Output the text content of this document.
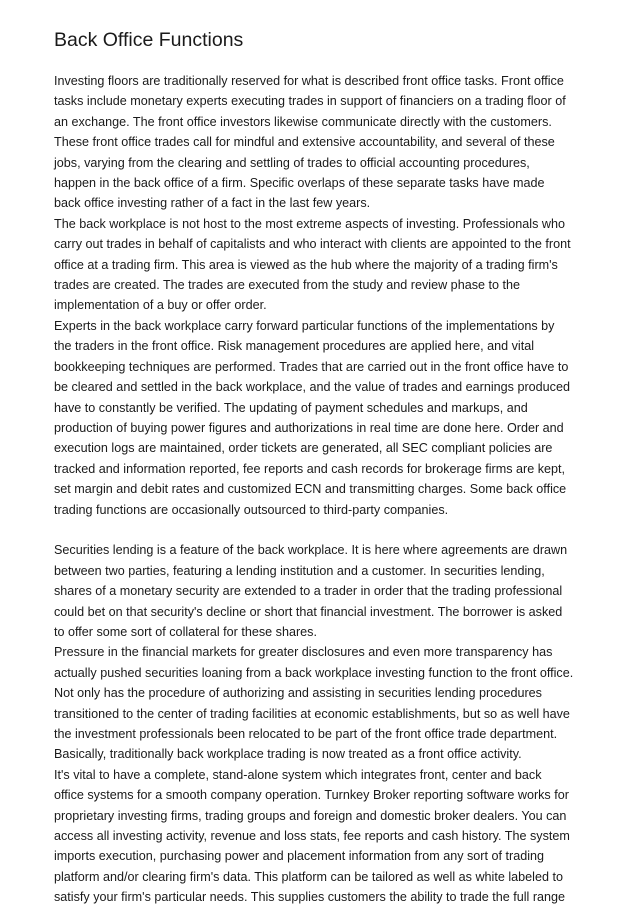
Back Office Functions

Investing floors are traditionally reserved for what is described front office tasks. Front office
tasks include monetary experts executing trades in support of financiers on a trading floor of
an exchange. The front office investors likewise communicate directly with the customers.
These front office trades call for mindful and extensive accountability, and several of these
jobs, varying from the clearing and settling of trades to official accounting procedures,
happen in the back office of a firm. Specific overlaps of these separate tasks have made
back office investing rather of a fact in the last few years.

The back workplace is not host to the most extreme aspects of investing. Professionals who
carry out trades in behalf of capitalists and who interact with clients are appointed to the front
office at a trading firm. This area is viewed as the hub where the majority of a trading firm's
trades are created. The trades are executed from the study and review phase to the
implementation of a buy or offer order.

Experts in the back workplace carry forward particular functions of the implementations by
the traders in the front office. Risk management procedures are applied here, and vital
bookkeeping techniques are performed. Trades that are carried out in the front office have to
be cleared and settled in the back workplace, and the value of trades and earnings produced
have to constantly be verified. The updating of payment schedules and markups, and
production of buying power figures and authorizations in real time are done here. Order and
execution logs are maintained, order tickets are generated, all SEC compliant policies are
tracked and information reported, fee reports and cash records for brokerage firms are kept,
set margin and debit rates and customized ECN and transmitting charges. Some back office
trading functions are occasionally outsourced to third-party companies.

Securities lending is a feature of the back workplace. It is here where agreements are drawn
between two parties, featuring a lending institution and a customer. In securities lending,
shares of a monetary security are extended to a trader in order that the trading professional
could bet on that security's decline or short that financial investment. The borrower is asked
to offer some sort of collateral for these shares.

Pressure in the financial markets for greater disclosures and even more transparency has
actually pushed securities loaning from a back workplace investing function to the front office.
Not only has the procedure of authorizing and assisting in securities lending procedures
transitioned to the center of trading facilities at economic establishments, but so as well have
the investment professionals been relocated to be part of the front office trade department.
Basically, traditionally back workplace trading is now treated as a front office activity.

It's vital to have a complete, stand-alone system which integrates front, center and back
office systems for a smooth company operation. Turnkey Broker reporting software works for
proprietary investing firms, trading groups and foreign and domestic broker dealers. You can
access all investing activity, revenue and loss stats, fee reports and cash history. The system
imports execution, purchasing power and placement information from any sort of trading
platform and/or clearing firm's data. This platform can be tailored as well as white labeled to
satisfy your firm's particular needs. This supplies customers the ability to trade the full range
